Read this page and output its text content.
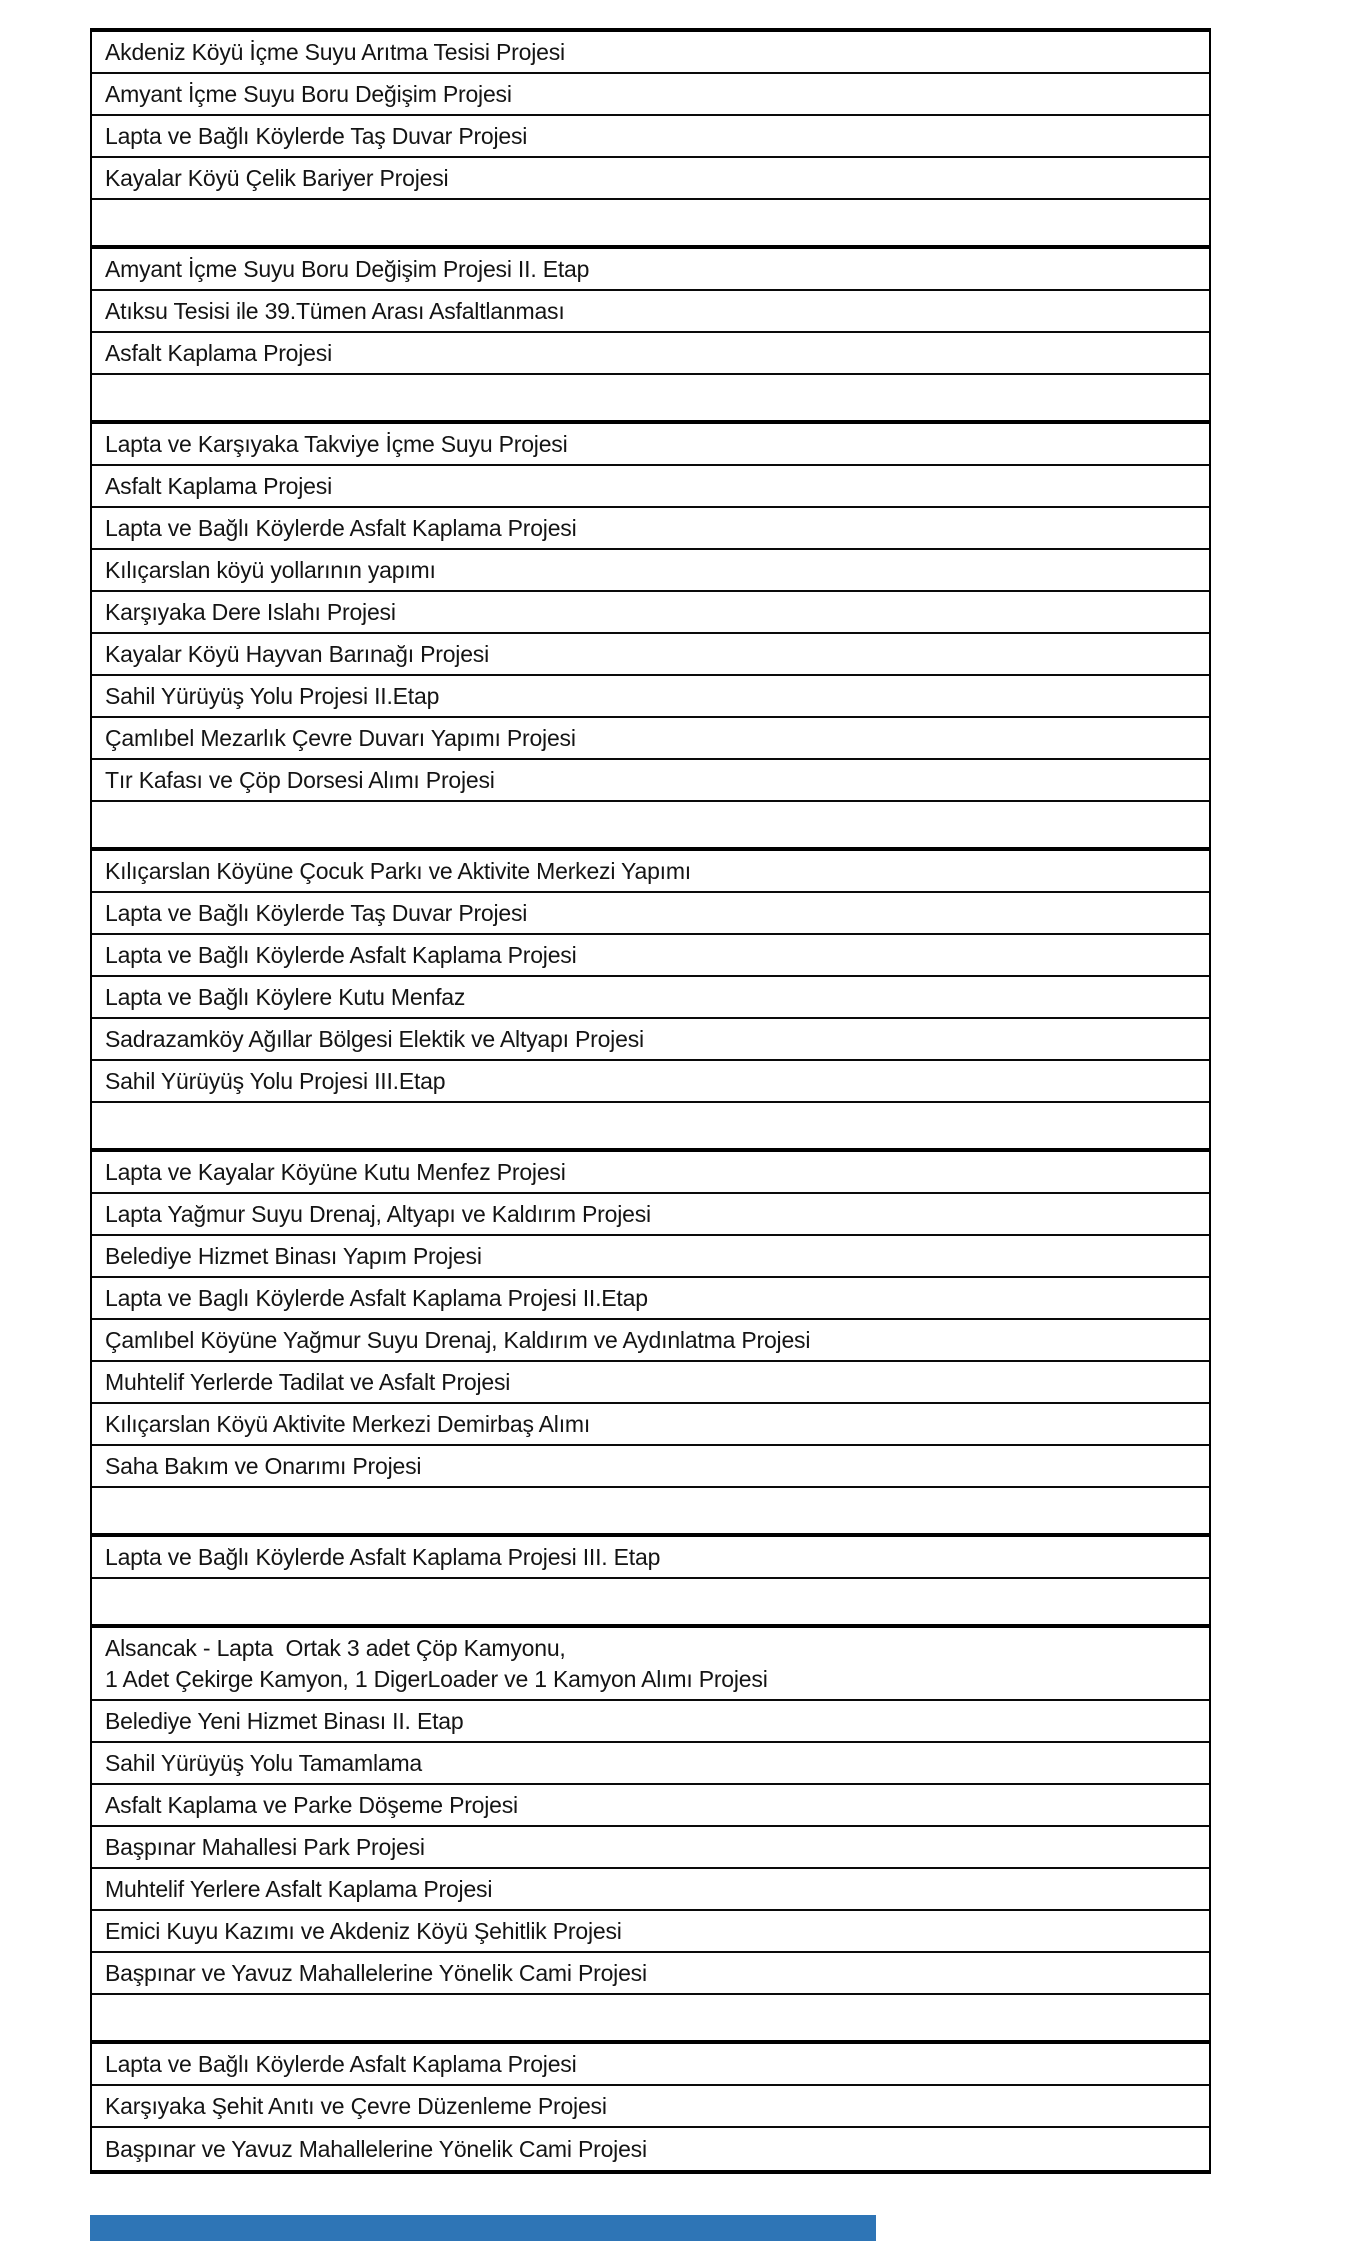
Akdeniz Köyü İçme Suyu Arıtma Tesisi Projesi
Amyant İçme Suyu Boru Değişim Projesi
Lapta ve Bağlı Köylerde Taş Duvar Projesi
Kayalar Köyü Çelik Bariyer Projesi
Amyant İçme Suyu Boru Değişim Projesi II. Etap
Atıksu Tesisi ile 39.Tümen Arası Asfaltlanması
Asfalt Kaplama Projesi
Lapta ve Karşıyaka Takviye İçme Suyu Projesi
Asfalt Kaplama Projesi
Lapta ve Bağlı Köylerde Asfalt Kaplama Projesi
Kılıçarslan köyü yollarının yapımı
Karşıyaka Dere Islahı Projesi
Kayalar Köyü Hayvan Barınağı Projesi
Sahil Yürüyüş Yolu Projesi II.Etap
Çamlıbel Mezarlık Çevre Duvarı Yapımı Projesi
Tır Kafası ve Çöp Dorsesi Alımı Projesi
Kılıçarslan Köyüne Çocuk Parkı ve Aktivite Merkezi Yapımı
Lapta ve Bağlı Köylerde Taş Duvar Projesi
Lapta ve Bağlı Köylerde Asfalt Kaplama Projesi
Lapta ve Bağlı Köylere Kutu Menfaz
Sadrazamköy Ağıllar Bölgesi Elektik ve Altyapı Projesi
Sahil Yürüyüş Yolu Projesi III.Etap
Lapta ve Kayalar Köyüne Kutu Menfez Projesi
Lapta Yağmur Suyu Drenaj, Altyapı ve Kaldırım Projesi
Belediye Hizmet Binası Yapım Projesi
Lapta ve Baglı Köylerde Asfalt Kaplama Projesi II.Etap
Çamlıbel Köyüne Yağmur Suyu Drenaj, Kaldırım ve Aydınlatma Projesi
Muhtelif Yerlerde Tadilat ve Asfalt Projesi
Kılıçarslan Köyü Aktivite Merkezi Demirbaş Alımı
Saha Bakım ve Onarımı Projesi
Lapta ve Bağlı Köylerde Asfalt Kaplama Projesi III. Etap
Alsancak - Lapta  Ortak 3 adet Çöp Kamyonu,
1 Adet Çekirge Kamyon, 1 DigerLoader ve 1 Kamyon Alımı Projesi
Belediye Yeni Hizmet Binası II. Etap
Sahil Yürüyüş Yolu Tamamlama
Asfalt Kaplama ve Parke Döşeme Projesi
Başpınar Mahallesi Park Projesi
Muhtelif Yerlere Asfalt Kaplama Projesi
Emici Kuyu Kazımı ve Akdeniz Köyü Şehitlik Projesi
Başpınar ve Yavuz Mahallelerine Yönelik Cami Projesi
Lapta ve Bağlı Köylerde Asfalt Kaplama Projesi
Karşıyaka Şehit Anıtı ve Çevre Düzenleme Projesi
Başpınar ve Yavuz Mahallelerine Yönelik Cami Projesi
